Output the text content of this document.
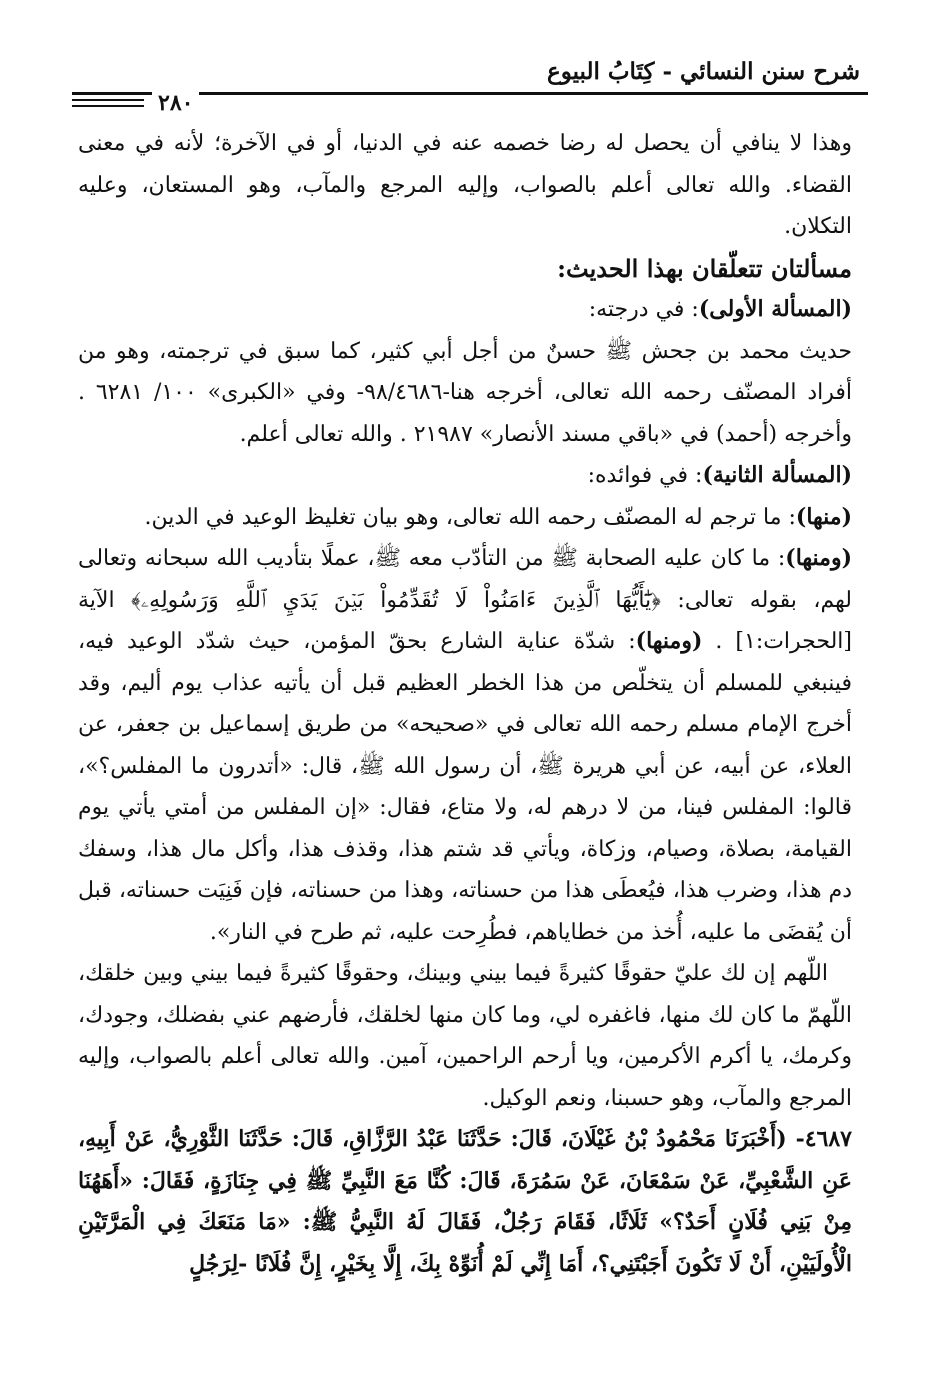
شرح سنن النسائي - كِتَابُ البيوع
٢٨٠

وهذا لا ينافي أن يحصل له رضا خصمه عنه في الدنيا، أو في الآخرة؛ لأنه في معنى القضاء. والله تعالى أعلم بالصواب، وإليه المرجع والمآب، وهو المستعان، وعليه التكلان.

مسألتان تتعلّقان بهذا الحديث:

(المسألة الأولى): في درجته:

حديث محمد بن جحش ﷺ حسنٌ من أجل أبي كثير، كما سبق في ترجمته، وهو من أفراد المصنّف رحمه الله تعالى، أخرجه هنا-٩٨/٤٦٨٦- وفي «الكبرى» ١٠٠/ ٦٢٨١ . وأخرجه (أحمد) في «باقي مسند الأنصار» ٢١٩٨٧ . والله تعالى أعلم.

(المسألة الثانية): في فوائده:

(منها): ما ترجم له المصنّف رحمه الله تعالى، وهو بيان تغليظ الوعيد في الدين.

(ومنها): ما كان عليه الصحابة ﷺ من التأدّب معه ﷺ، عملًا بتأديب الله سبحانه وتعالى لهم، بقوله تعالى: ﴿يَٰٓأَيُّهَا ٱلَّذِينَ ءَامَنُواْ لَا تُقَدِّمُواْ بَيۡنَ يَدَيِ ٱللَّهِ وَرَسُولِهِۦ﴾ الآية [الحجرات:١] . (ومنها): شدّة عناية الشارع بحقّ المؤمن، حيث شدّد الوعيد فيه، فينبغي للمسلم أن يتخلّص من هذا الخطر العظيم قبل أن يأتيه عذاب يوم أليم، وقد أخرج الإمام مسلم رحمه الله تعالى في «صحيحه» من طريق إسماعيل بن جعفر، عن العلاء، عن أبيه، عن أبي هريرة ﷺ، أن رسول الله ﷺ، قال: «أتدرون ما المفلس؟»، قالوا: المفلس فينا، من لا درهم له، ولا متاع، فقال: «إن المفلس من أمتي يأتي يوم القيامة، بصلاة، وصيام، وزكاة، ويأتي قد شتم هذا، وقذف هذا، وأكل مال هذا، وسفك دم هذا، وضرب هذا، فيُعطَى هذا من حسناته، وهذا من حسناته، فإن فَنِيَت حسناته، قبل أن يُقضَى ما عليه، أُخذ من خطاياهم، فطُرِحت عليه، ثم طرح في النار».

اللّهم إن لك عليّ حقوقًا كثيرةً فيما بيني وبينك، وحقوقًا كثيرةً فيما بيني وبين خلقك، اللّهمّ ما كان لك منها، فاغفره لي، وما كان منها لخلقك، فأرضهم عني بفضلك، وجودك، وكرمك، يا أكرم الأكرمين، ويا أرحم الراحمين، آمين. والله تعالى أعلم بالصواب، وإليه المرجع والمآب، وهو حسبنا، ونعم الوكيل.

٤٦٨٧- (أَخْبَرَنَا مَحْمُودُ بْنُ غَيْلَانَ، قَالَ: حَدَّثَنَا عَبْدُ الرَّزَّاقِ، قَالَ: حَدَّثَنَا الثَّوْرِيُّ، عَنْ أَبِيهِ، عَنِ الشَّعْبِيِّ، عَنْ سَمْعَانَ، عَنْ سَمُرَةَ، قَالَ: كُنَّا مَعَ النَّبِيِّ ﷺ فِي جِنَازَةٍ، فَقَالَ: «أَهَهُنَا مِنْ بَنِي فُلَانٍ أَحَدٌ؟» ثَلَاثًا، فَقَامَ رَجُلٌ، فَقَالَ لَهُ النَّبِيُّ ﷺ: «مَا مَنَعَكَ فِي الْمَرَّتَيْنِ الْأُولَيَيْنِ، أَنْ لَا تَكُونَ أَجَبْتَنِي؟، أَمَا إِنِّي لَمْ أُنَوِّهْ بِكَ، إِلَّا بِخَيْرٍ، إِنَّ فُلَانًا -لِرَجُلٍ
